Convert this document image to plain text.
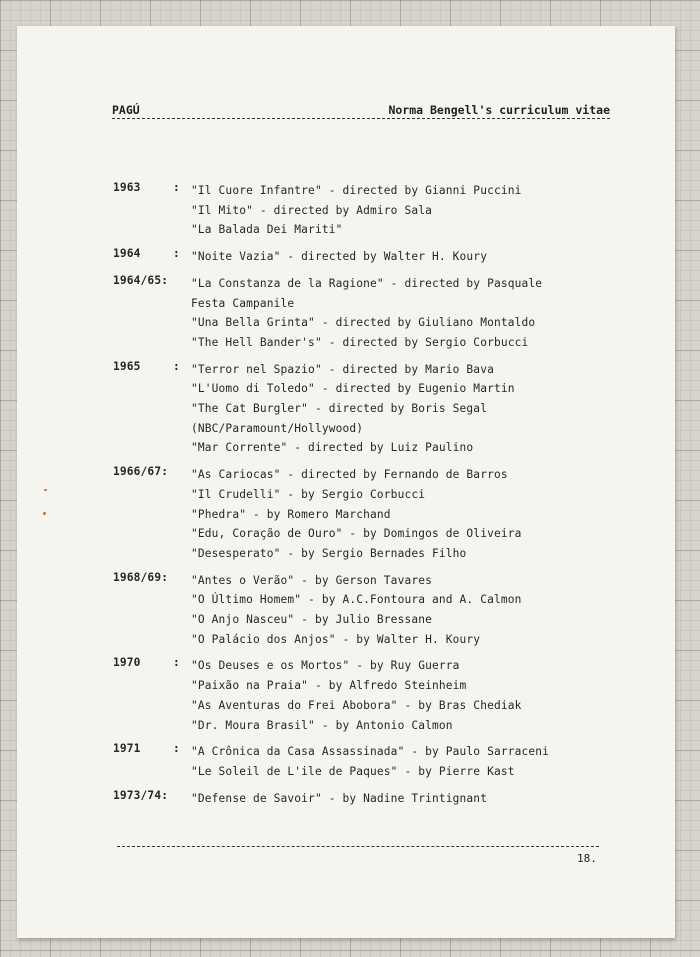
PAGÚ	Norma Bengell's curriculum vitae
1963	: "Il Cuore Infantre" - directed by Gianni Puccini
"Il Mito" - directed by Admiro Sala
"La Balada Dei Mariti"
1964	: "Noite Vazia" - directed by Walter H. Koury
1964/65:	"La Constanza de la Ragione" - directed by Pasquale
Festa Campanile
"Una Bella Grinta" - directed by Giuliano Montaldo
"The Hell Bander's" - directed by Sergio Corbucci
1965	: "Terror nel Spazio" - directed by Mario Bava
"L'Uomo di Toledo" - directed by Eugenio Martin
"The Cat Burgler" - directed by Boris Segal
(NBC/Paramount/Hollywood)
"Mar Corrente" - directed by Luiz Paulino
1966/67:	"As Cariocas" - directed by Fernando de Barros
"Il Crudelli" - by Sergio Corbucci
"Phedra" - by Romero Marchand
"Edu, Coração de Ouro" - by Domingos de Oliveira
"Desesperato" - by Sergio Bernades Filho
1968/69:	"Antes o Verão" - by Gerson Tavares
"O Último Homem" - by A.C.Fontoura and A. Calmon
"O Anjo Nasceu" - by Julio Bressane
"O Palácio dos Anjos" - by Walter H. Koury
1970	: "Os Deuses e os Mortos" - by Ruy Guerra
"Paixão na Praia" - by Alfredo Steinheim
"As Aventuras do Frei Abobora" - by Bras Chediak
"Dr. Moura Brasil" - by Antonio Calmon
1971	: "A Crônica da Casa Assassinada" - by Paulo Sarraceni
"Le Soleil de L'ile de Paques" - by Pierre Kast
1973/74:	"Defense de Savoir" - by Nadine Trintignant
18.
